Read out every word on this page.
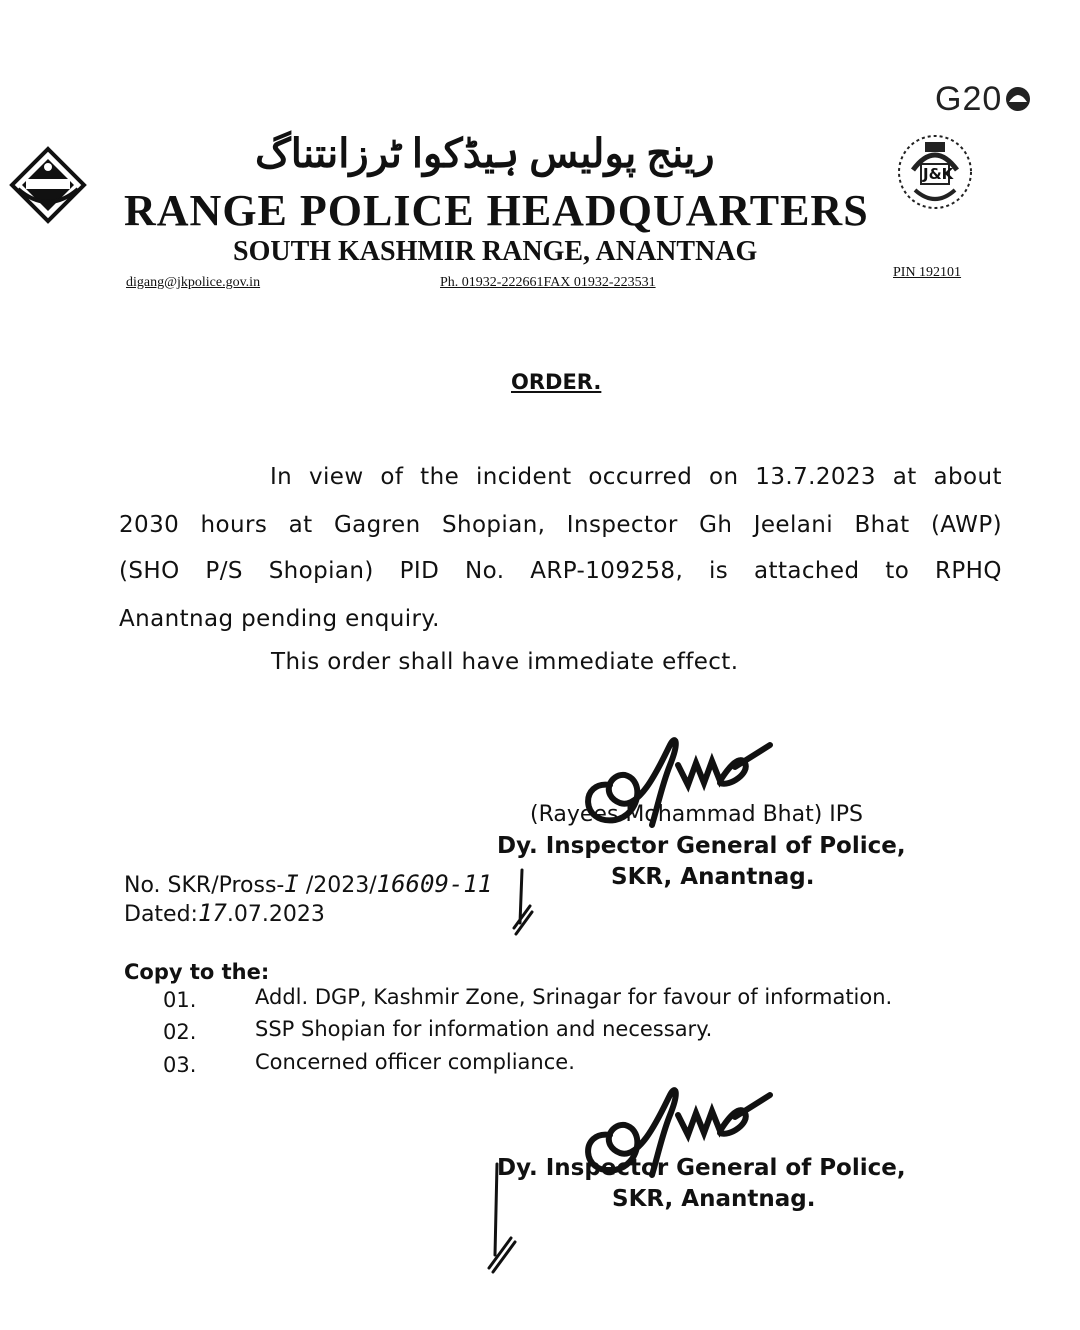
G20
J&K
رینج پولیس ہیڈکوا ٹرزانتناگ
RANGE POLICE HEADQUARTERS
SOUTH KASHMIR RANGE, ANANTNAG
digang@jkpolice.gov.in	Ph. 01932-222661FAX 01932-223531
PIN 192101
ORDER.
In view of the incident occurred on 13.7.2023 at about
2030 hours at Gagren Shopian, Inspector Gh Jeelani Bhat (AWP)
(SHO P/S Shopian) PID No. ARP-109258, is attached to RPHQ
Anantnag pending enquiry.
This order shall have immediate effect.
(Rayees Mohammad Bhat) IPS
Dy. Inspector General of Police,
SKR, Anantnag.
No. SKR/Pross-I /2023/16609-11
Dated:17.07.2023
Copy to the:
01.	Addl. DGP, Kashmir Zone, Srinagar for favour of information.
02.	SSP Shopian for information and necessary.
03.	Concerned officer compliance.
Dy. Inspector General of Police,
SKR, Anantnag.
